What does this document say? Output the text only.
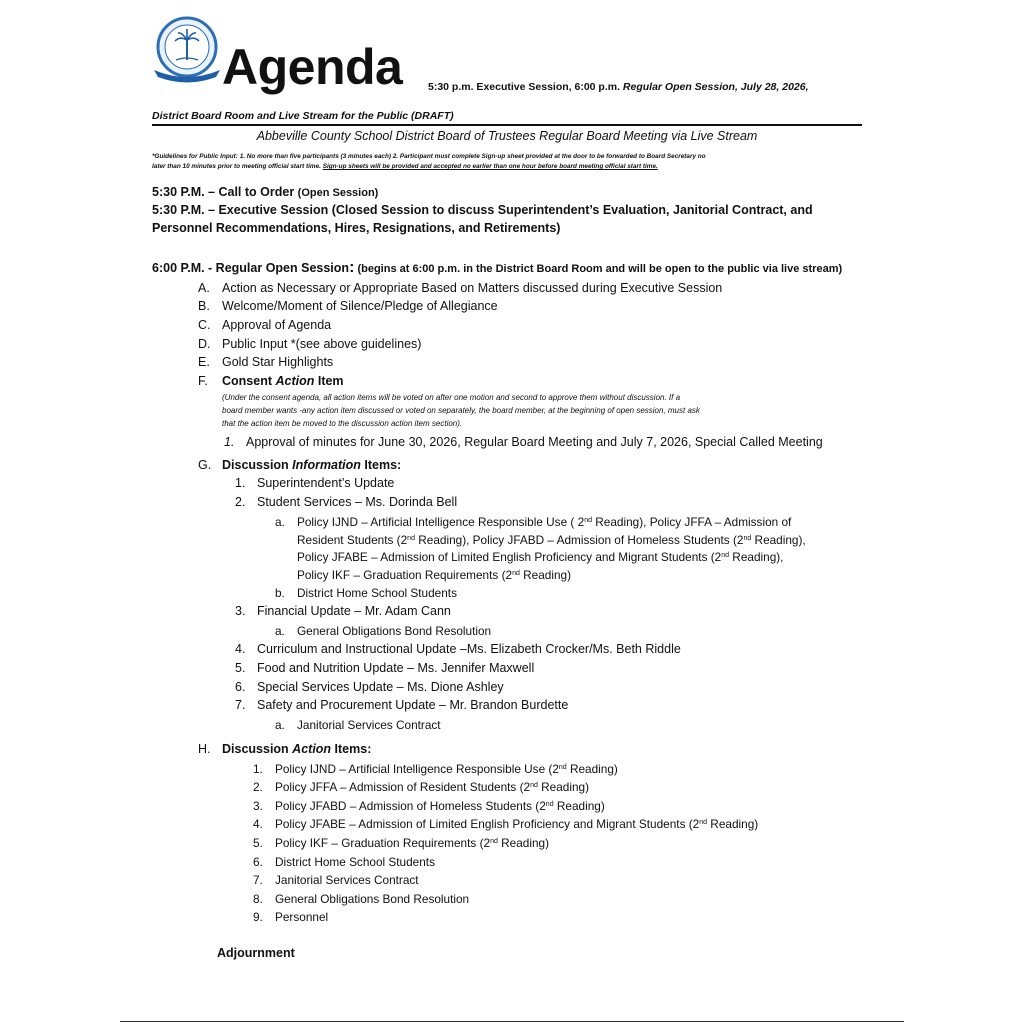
Agenda 5:30 p.m. Executive Session, 6:00 p.m. Regular Open Session, July 28, 2026,
District Board Room and Live Stream for the Public (DRAFT)
Abbeville County School District Board of Trustees Regular Board Meeting via Live Stream
*Guidelines for Public Input: 1. No more than five participants (3 minutes each) 2. Participant must complete Sign-up sheet provided at the door to be forwarded to Board Secretary no
later than 10 minutes prior to meeting official start time. Sign-up sheets will be provided and accepted no earlier than one hour before board meeting official start time.
5:30 P.M. – Call to Order (Open Session)
5:30 P.M. – Executive Session (Closed Session to discuss Superintendent’s Evaluation, Janitorial Contract, and
Personnel Recommendations, Hires, Resignations, and Retirements)
6:00 P.M. - Regular Open Session: (begins at 6:00 p.m. in the District Board Room and will be open to the public via live stream)
A. Action as Necessary or Appropriate Based on Matters discussed during Executive Session
B. Welcome/Moment of Silence/Pledge of Allegiance
C. Approval of Agenda
D. Public Input *(see above guidelines)
E. Gold Star Highlights
F. Consent Action Item
(Under the consent agenda, all action items will be voted on after one motion and second to approve them without discussion. If a
board member wants -any action item discussed or voted on separately, the board member, at the beginning of open session, must ask
that the action item be moved to the discussion action item section).
1. Approval of minutes for June 30, 2026, Regular Board Meeting and July 7, 2026, Special Called Meeting
G. Discussion Information Items:
1. Superintendent’s Update
2. Student Services – Ms. Dorinda Bell
a. Policy IJND – Artificial Intelligence Responsible Use ( 2nd Reading), Policy JFFA – Admission of
Resident Students (2nd Reading), Policy JFABD – Admission of Homeless Students (2nd Reading),
Policy JFABE – Admission of Limited English Proficiency and Migrant Students (2nd Reading),
Policy IKF – Graduation Requirements (2nd Reading)
b. District Home School Students
3. Financial Update – Mr. Adam Cann
a. General Obligations Bond Resolution
4. Curriculum and Instructional Update –Ms. Elizabeth Crocker/Ms. Beth Riddle
5. Food and Nutrition Update – Ms. Jennifer Maxwell
6. Special Services Update – Ms. Dione Ashley
7. Safety and Procurement Update – Mr. Brandon Burdette
a. Janitorial Services Contract
H. Discussion Action Items:
1. Policy IJND – Artificial Intelligence Responsible Use (2nd Reading)
2. Policy JFFA – Admission of Resident Students (2nd Reading)
3. Policy JFABD – Admission of Homeless Students (2nd Reading)
4. Policy JFABE – Admission of Limited English Proficiency and Migrant Students (2nd Reading)
5. Policy IKF – Graduation Requirements (2nd Reading)
6. District Home School Students
7. Janitorial Services Contract
8. General Obligations Bond Resolution
9. Personnel
Adjournment
